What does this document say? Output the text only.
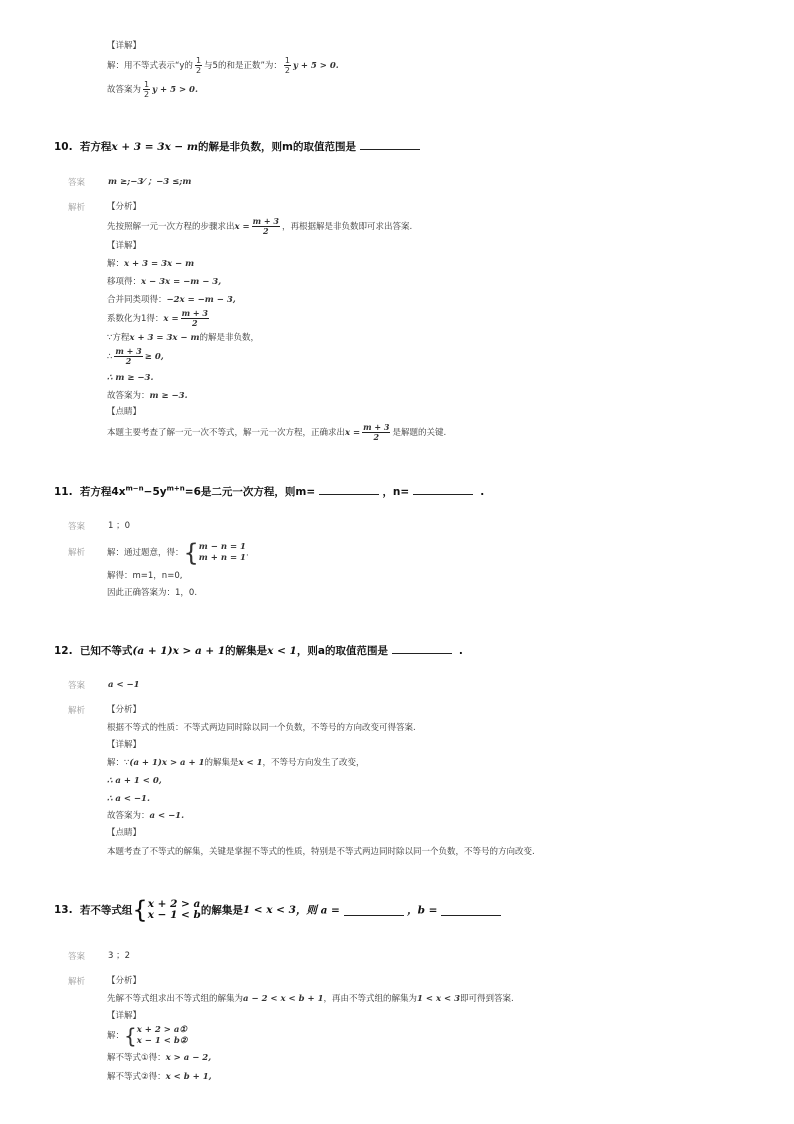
【详解】
解：用不等式表示“y的 $\frac{1}{2}$ 与5的和是正数”为： $\frac{1}{2}$ y + 5 > 0.
故答案为 $\frac{1}{2}$ y + 5 > 0.
10. 若方程x + 3 = 3x − m的解是非负数，则m的取值范围是
答案	m ≥;−3⁄ ；−3 ≤;m
解析	【分析】
先按照解一元一次方程的步骤求出$x = \frac{m + 3}{2}$ ，再根据解是非负数即可求出答案.
【详解】
解：x + 3 = 3x − m
移项得：x − 3x = −m − 3,
合并同类项得：−2x = −m − 3,
系数化为1得：$x = \frac{m + 3}{2}$
∵方程x + 3 = 3x − m的解是非负数，
∴ $\frac{m + 3}{2} \ge 0$,
∴ m ≥ −3.
故答案为：m ≥ −3.
【点睛】
本题主要考查了解一元一次不等式，解一元一次方程，正确求出$x = \frac{m + 3}{2}$ 是解题的关键.
11. 若方程$4x^{m-n}-5y^{m+n}=6$是二元一次方程，则m=	，n=	.
答案	1 ；0
解析	解：通过题意，得：{ m − n = 1
m + n = 1 .
解得：m=1，n=0,
因此正确答案为：1，0.
12. 已知不等式(a + 1)x > a + 1的解集是x < 1，则a的取值范围是	.
答案	a < −1
解析	【分析】
根据不等式的性质：不等式两边同时除以同一个负数，不等号的方向改变可得答案.
【详解】
解：∵(a + 1)x > a + 1的解集是x < 1，不等号方向发生了改变，
∴ a + 1 < 0,
∴ a < −1.
故答案为：a < −1.
【点睛】
本题考查了不等式的解集，关键是掌握不等式的性质，特别是不等式两边同时除以同一个负数，不等号的方向改变.
13. 若不等式组{ x + 2 > a
x − 1 < b 的解集是1 < x < 3，则 a =	，b =
答案	3 ；2
解析	【分析】
先解不等式组求出不等式组的解集为a − 2 < x < b + 1，再由不等式组的解集为1 < x < 3即可得到答案.
【详解】
解：{ x + 2 > a①
x − 1 < b②
解不等式①得：x > a − 2,
解不等式②得：x < b + 1,
